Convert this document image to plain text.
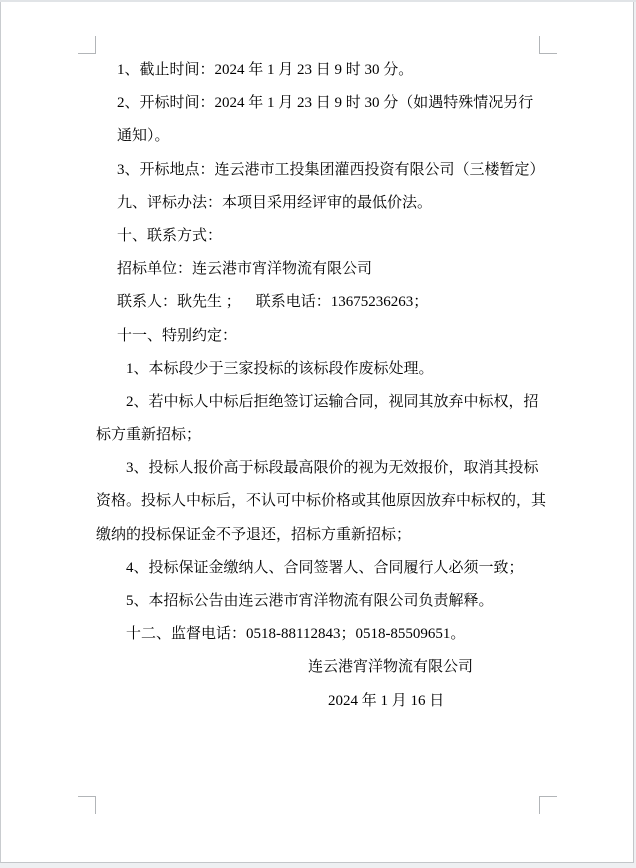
1、截止时间：2024 年 1 月 23 日 9 时 30 分。
2、开标时间：2024 年 1 月 23 日 9 时 30 分（如遇特殊情况另行
通知）。
3、开标地点：连云港市工投集团灌西投资有限公司（三楼暂定）
九、评标办法：本项目采用经评审的最低价法。
十、联系方式：
招标单位：连云港市宵洋物流有限公司
联系人：耿先生 ；    联系电话：13675236263；
十一、特别约定：
1、本标段少于三家投标的该标段作废标处理。
2、若中标人中标后拒绝签订运输合同，视同其放弃中标权，招
标方重新招标；
3、投标人报价高于标段最高限价的视为无效报价，取消其投标
资格。投标人中标后，不认可中标价格或其他原因放弃中标权的，其
缴纳的投标保证金不予退还，招标方重新招标；
4、投标保证金缴纳人、合同签署人、合同履行人必须一致；
5、本招标公告由连云港市宵洋物流有限公司负责解释。
十二、监督电话：0518-88112843；0518-85509651。
连云港宵洋物流有限公司
2024 年 1 月 16 日
